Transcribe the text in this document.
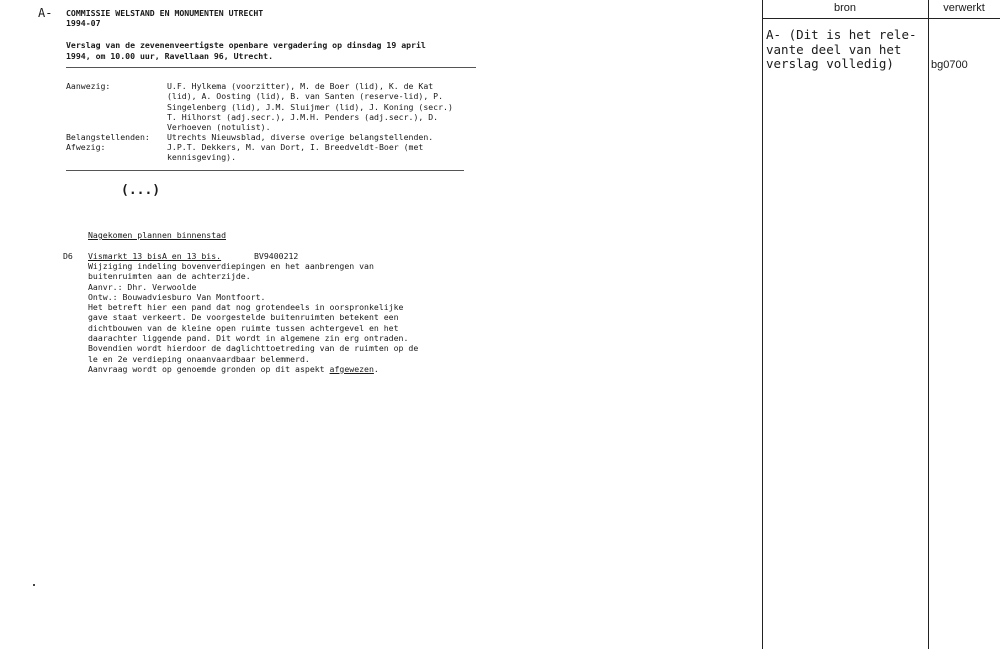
A- COMMISSIE WELSTAND EN MONUMENTEN UTRECHT
1994-07
Verslag van de zevenenveertigste openbare vergadering op dinsdag 19 april
1994, om 10.00 uur, Ravellaan 96, Utrecht.
Aanwezig:	U.F. Hylkema (voorzitter), M. de Boer (lid), K. de Kat
(lid), A. Oosting (lid), B. van Santen (reserve-lid), P.
Singelenberg (lid), J.M. Sluijmer (lid), J. Koning (secr.)
T. Hilhorst (adj.secr.), J.M.H. Penders (adj.secr.), D.
Verhoeven (notulist).
Belangstellenden: Utrechts Nieuwsblad, diverse overige belangstellenden.
Afwezig:	J.P.T. Dekkers, M. van Dort, I. Breedveldt-Boer (met
kennisgeving).
(...)
Nagekomen plannen binnenstad
D6 Vismarkt 13 bisA en 13 bis.	BV9400212
Wijziging indeling bovenverdiepingen en het aanbrengen van
buitenruimten aan de achterzijde.
Aanvr.: Dhr. Verwoolde
Ontw.: Bouwadviesburo Van Montfoort.
Het betreft hier een pand dat nog grotendeels in oorspronkelijke
gave staat verkeert. De voorgestelde buitenruimten betekent een
dichtbouwen van de kleine open ruimte tussen achtergevel en het
daarachter liggende pand. Dit wordt in algemene zin erg ontraden.
Bovendien wordt hierdoor de daglichttoetreding van de ruimten op de
le en 2e verdieping onaanvaardbaar belemmerd.
Aanvraag wordt op genoemde gronden op dit aspekt afgewezen.
bron	verwerkt
A- (Dit is het rele-
vante deel van het
verslag volledig)	bg0700
